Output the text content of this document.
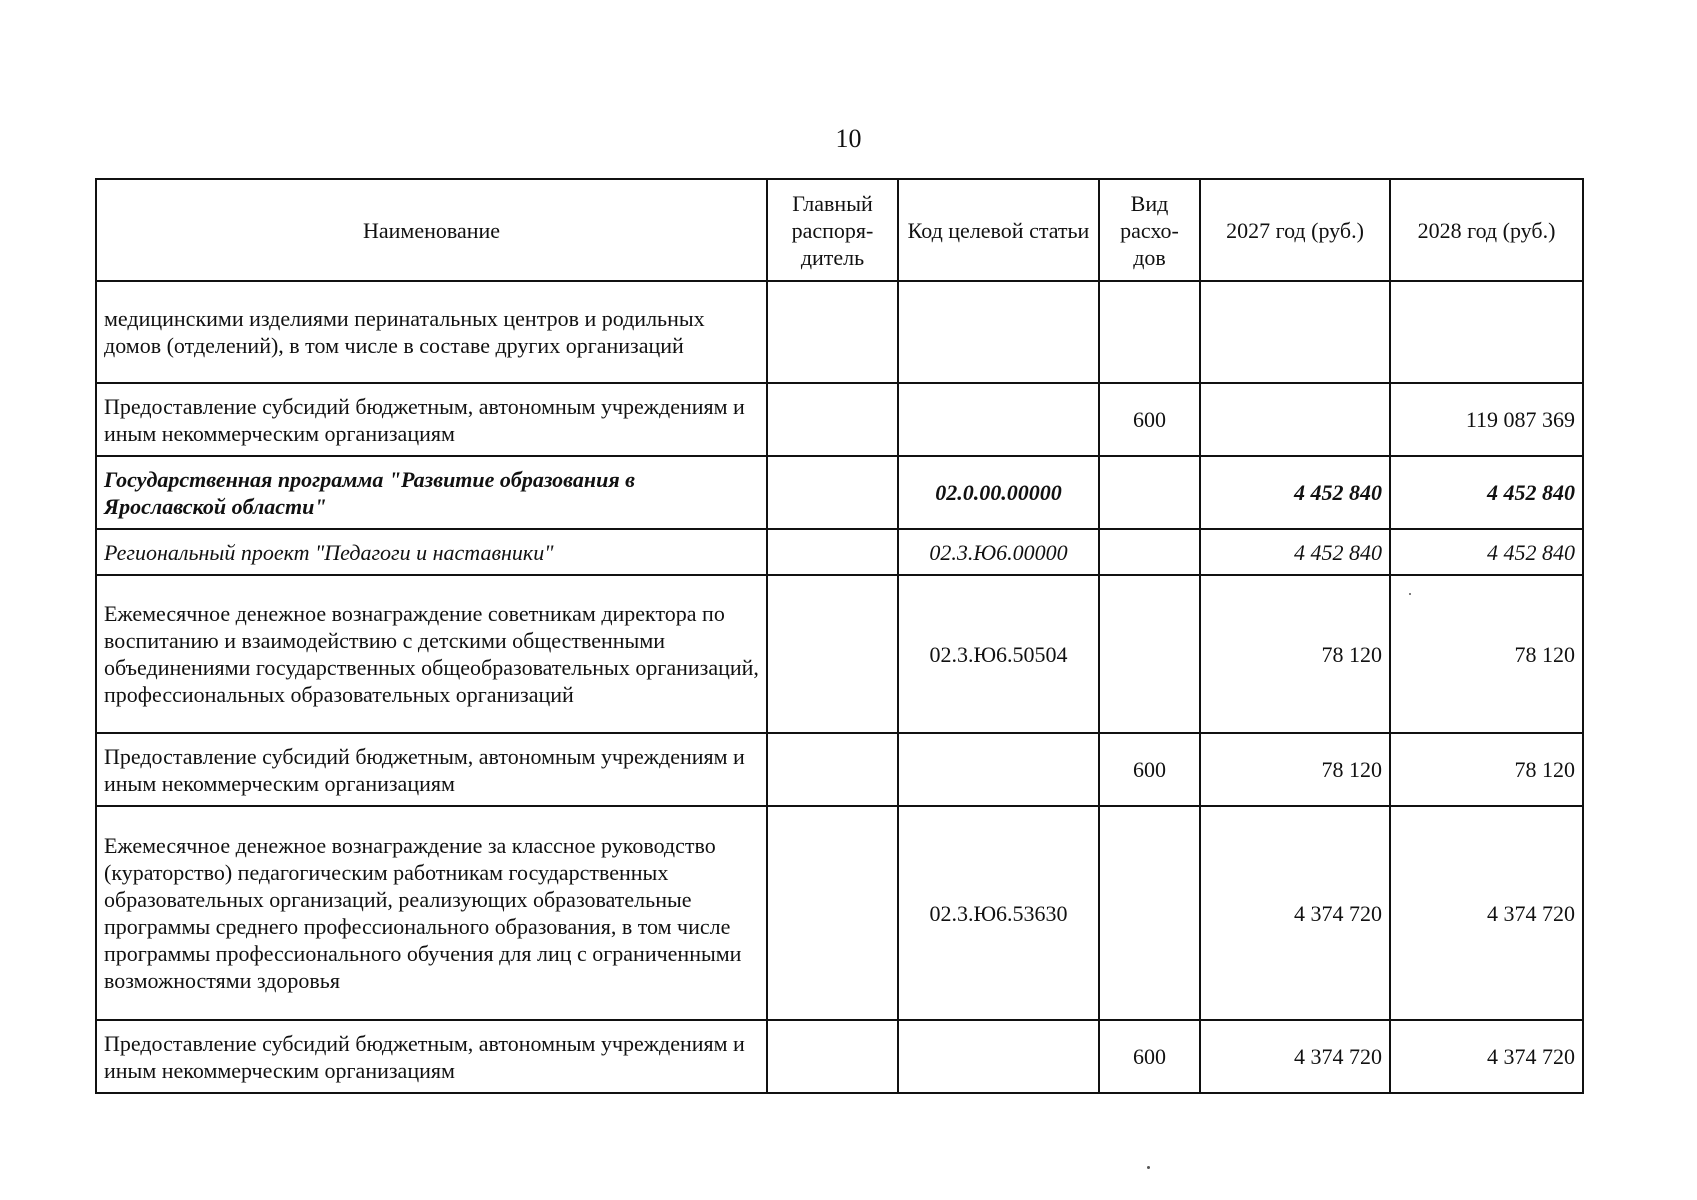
10
Наименование	Главный распоря-дитель	Код целевой статьи	Вид расхо-дов	2027 год (руб.)	2028 год (руб.)
медицинскими изделиями перинатальных центров и родильных домов (отделений), в том числе в составе других организаций					
Предоставление субсидий бюджетным, автономным учреждениям и иным некоммерческим организациям			600		119 087 369
Государственная программа "Развитие образования в Ярославской области"		02.0.00.00000		4 452 840	4 452 840
Региональный проект "Педагоги и наставники"		02.3.Ю6.00000		4 452 840	4 452 840
Ежемесячное денежное вознаграждение советникам директора по воспитанию и взаимодействию с детскими общественными объединениями государственных общеобразовательных организаций, профессиональных образовательных организаций		02.3.Ю6.50504		78 120	78 120
Предоставление субсидий бюджетным, автономным учреждениям и иным некоммерческим организациям			600	78 120	78 120
Ежемесячное денежное вознаграждение за классное руководство (кураторство) педагогическим работникам государственных образовательных организаций, реализующих образовательные программы среднего профессионального образования, в том числе программы профессионального обучения для лиц с ограниченными возможностями здоровья		02.3.Ю6.53630		4 374 720	4 374 720
Предоставление субсидий бюджетным, автономным учреждениям и иным некоммерческим организациям			600	4 374 720	4 374 720
